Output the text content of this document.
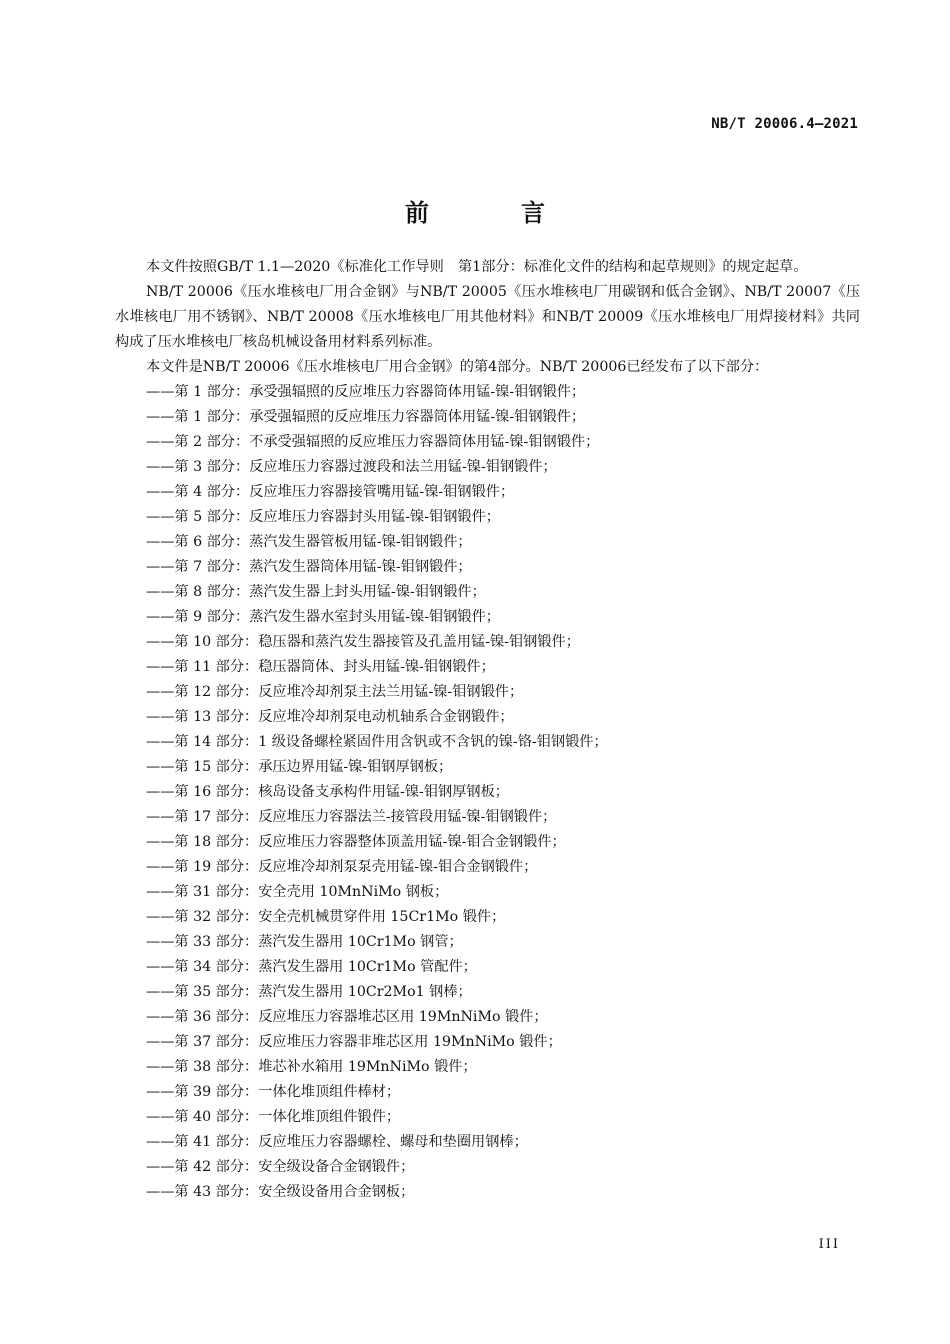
NB/T 20006.4—2021
前　言

本文件按照GB/T 1.1—2020《标准化工作导则　第1部分：标准化文件的结构和起草规则》的规定起草。

NB/T 20006《压水堆核电厂用合金钢》与NB/T 20005《压水堆核电厂用碳钢和低合金钢》、NB/T 20007《压水堆核电厂用不锈钢》、NB/T 20008《压水堆核电厂用其他材料》和NB/T 20009《压水堆核电厂用焊接材料》共同构成了压水堆核电厂核岛机械设备用材料系列标准。

本文件是NB/T 20006《压水堆核电厂用合金钢》的第4部分。NB/T 20006已经发布了以下部分：

——第 1 部分：承受强辐照的反应堆压力容器筒体用锰-镍-钼钢锻件；
——第 1 部分：承受强辐照的反应堆压力容器筒体用锰-镍-钼钢锻件；
——第 2 部分：不承受强辐照的反应堆压力容器筒体用锰-镍-钼钢锻件；
——第 3 部分：反应堆压力容器过渡段和法兰用锰-镍-钼钢锻件；
——第 4 部分：反应堆压力容器接管嘴用锰-镍-钼钢锻件；
——第 5 部分：反应堆压力容器封头用锰-镍-钼钢锻件；
——第 6 部分：蒸汽发生器管板用锰-镍-钼钢锻件；
——第 7 部分：蒸汽发生器筒体用锰-镍-钼钢锻件；
——第 8 部分：蒸汽发生器上封头用锰-镍-钼钢锻件；
——第 9 部分：蒸汽发生器水室封头用锰-镍-钼钢锻件；
——第 10 部分：稳压器和蒸汽发生器接管及孔盖用锰-镍-钼钢锻件；
——第 11 部分：稳压器筒体、封头用锰-镍-钼钢锻件；
——第 12 部分：反应堆冷却剂泵主法兰用锰-镍-钼钢锻件；
——第 13 部分：反应堆冷却剂泵电动机轴系合金钢锻件；
——第 14 部分：1 级设备螺栓紧固件用含钒或不含钒的镍-铬-钼钢锻件；
——第 15 部分：承压边界用锰-镍-钼钢厚钢板；
——第 16 部分：核岛设备支承构件用锰-镍-钼钢厚钢板；
——第 17 部分：反应堆压力容器法兰-接管段用锰-镍-钼钢锻件；
——第 18 部分：反应堆压力容器整体顶盖用锰-镍-钼合金钢锻件；
——第 19 部分：反应堆冷却剂泵泵壳用锰-镍-钼合金钢锻件；
——第 31 部分：安全壳用 10MnNiMo 钢板；
——第 32 部分：安全壳机械贯穿件用 15Cr1Mo 锻件；
——第 33 部分：蒸汽发生器用 10Cr1Mo 钢管；
——第 34 部分：蒸汽发生器用 10Cr1Mo 管配件；
——第 35 部分：蒸汽发生器用 10Cr2Mo1 钢棒；
——第 36 部分：反应堆压力容器堆芯区用 19MnNiMo 锻件；
——第 37 部分：反应堆压力容器非堆芯区用 19MnNiMo 锻件；
——第 38 部分：堆芯补水箱用 19MnNiMo 锻件；
——第 39 部分：一体化堆顶组件棒材；
——第 40 部分：一体化堆顶组件锻件；
——第 41 部分：反应堆压力容器螺栓、螺母和垫圈用钢棒；
——第 42 部分：安全级设备合金钢锻件；
——第 43 部分：安全级设备用合金钢板；
III
